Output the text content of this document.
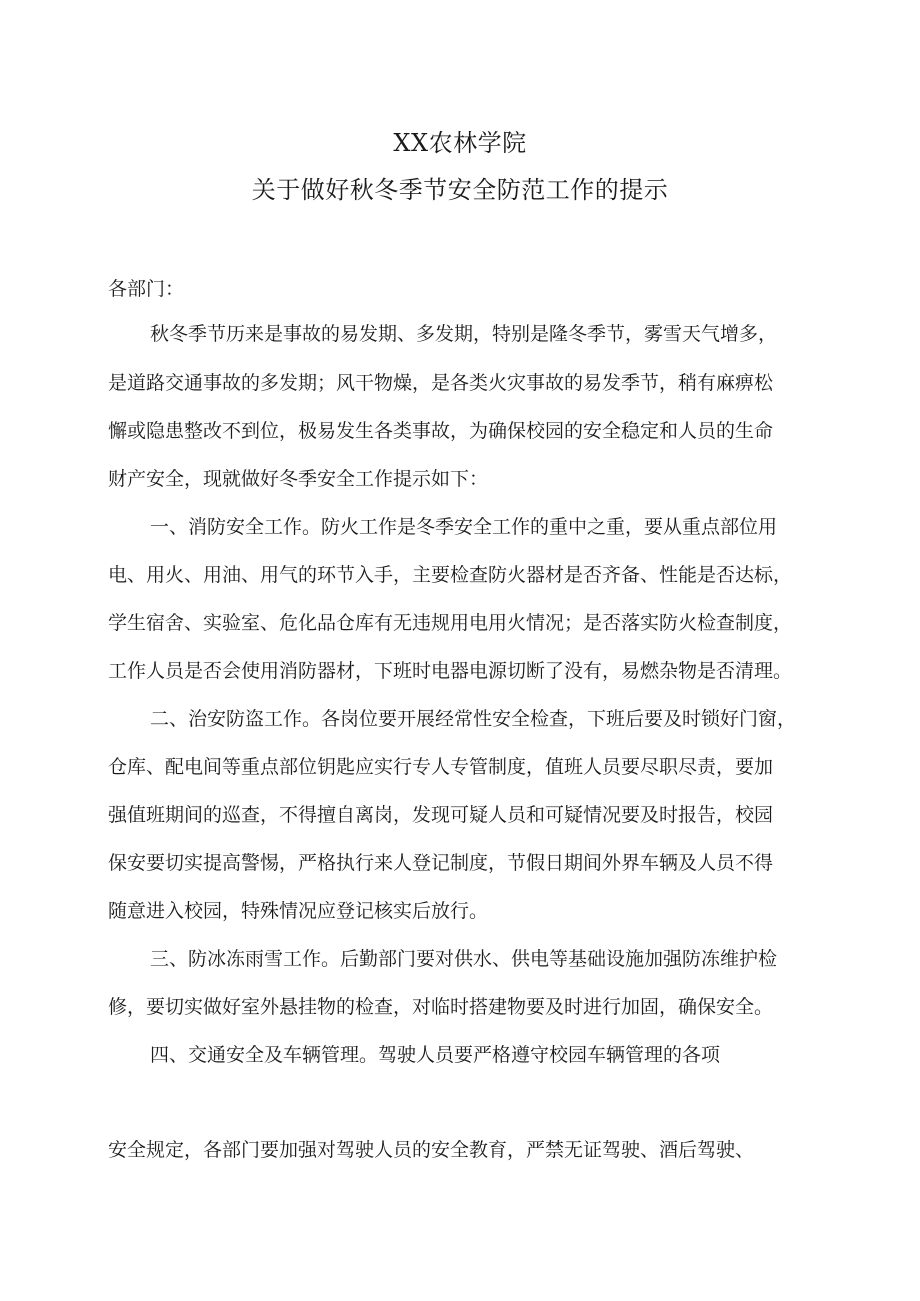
XX农林学院
关于做好秋冬季节安全防范工作的提示
各部门：
秋冬季节历来是事故的易发期、多发期，特别是隆冬季节，雾雪天气增多，
是道路交通事故的多发期；风干物燥，是各类火灾事故的易发季节，稍有麻痹松
懈或隐患整改不到位，极易发生各类事故，为确保校园的安全稳定和人员的生命
财产安全，现就做好冬季安全工作提示如下：
一、消防安全工作。防火工作是冬季安全工作的重中之重，要从重点部位用
电、用火、用油、用气的环节入手，主要检查防火器材是否齐备、性能是否达标，
学生宿舍、实验室、危化品仓库有无违规用电用火情况；是否落实防火检查制度，
工作人员是否会使用消防器材，下班时电器电源切断了没有，易燃杂物是否清理。
二、治安防盗工作。各岗位要开展经常性安全检查，下班后要及时锁好门窗，
仓库、配电间等重点部位钥匙应实行专人专管制度，值班人员要尽职尽责，要加
强值班期间的巡查，不得擅自离岗，发现可疑人员和可疑情况要及时报告，校园
保安要切实提高警惕，严格执行来人登记制度，节假日期间外界车辆及人员不得
随意进入校园，特殊情况应登记核实后放行。
三、防冰冻雨雪工作。后勤部门要对供水、供电等基础设施加强防冻维护检
修，要切实做好室外悬挂物的检查，对临时搭建物要及时进行加固，确保安全。
四、交通安全及车辆管理。驾驶人员要严格遵守校园车辆管理的各项
安全规定，各部门要加强对驾驶人员的安全教育，严禁无证驾驶、酒后驾驶、
